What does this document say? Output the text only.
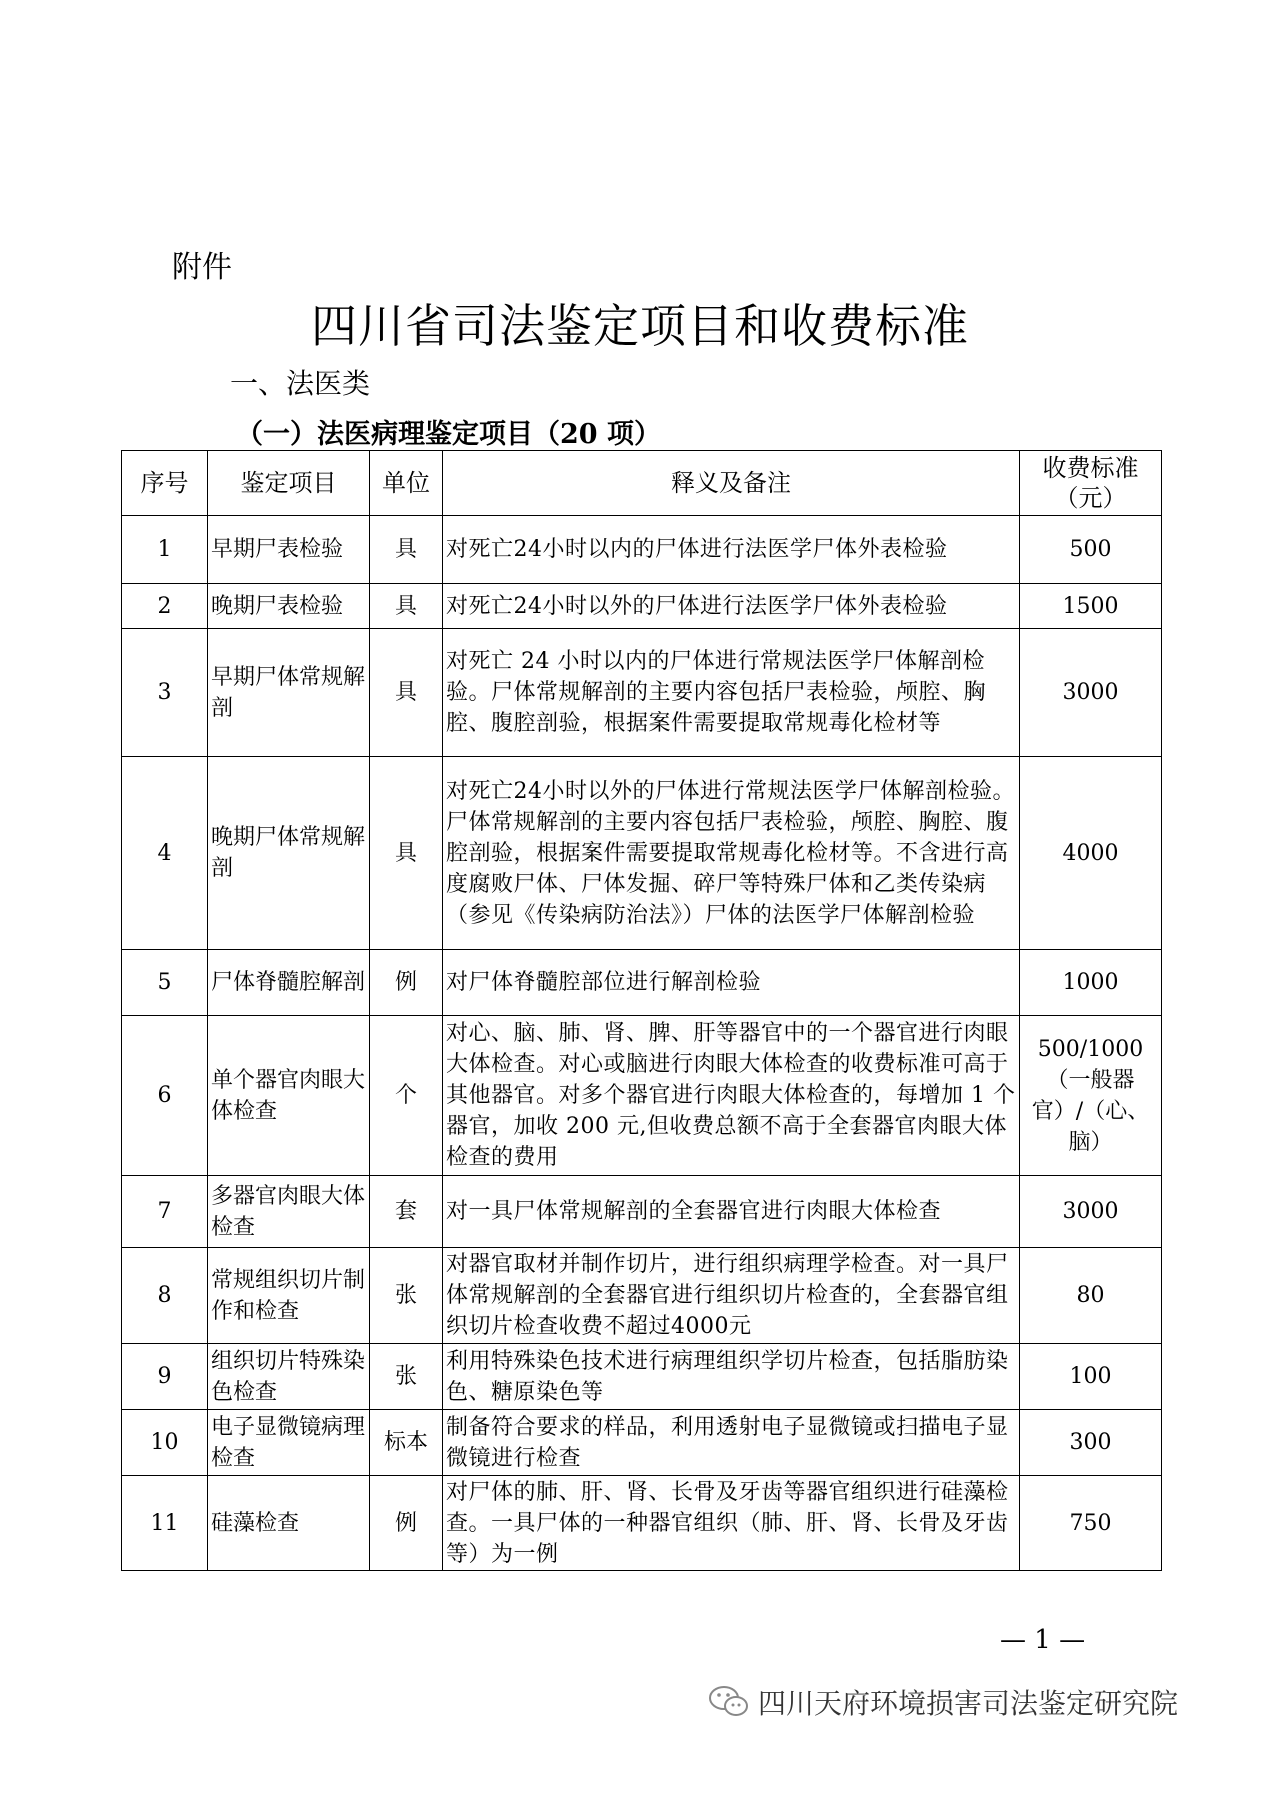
附件
四川省司法鉴定项目和收费标准
一、法医类
（一）法医病理鉴定项目（20 项）
序号	鉴定项目	单位	释义及备注	收费标准（元）
1	早期尸表检验	具	对死亡24小时以内的尸体进行法医学尸体外表检验	500
2	晚期尸表检验	具	对死亡24小时以外的尸体进行法医学尸体外表检验	1500
3	早期尸体常规解剖	具	对死亡 24 小时以内的尸体进行常规法医学尸体解剖检验。尸体常规解剖的主要内容包括尸表检验，颅腔、胸腔、腹腔剖验，根据案件需要提取常规毒化检材等	3000
4	晚期尸体常规解剖	具	对死亡24小时以外的尸体进行常规法医学尸体解剖检验。尸体常规解剖的主要内容包括尸表检验，颅腔、胸腔、腹腔剖验，根据案件需要提取常规毒化检材等。不含进行高度腐败尸体、尸体发掘、碎尸等特殊尸体和乙类传染病（参见《传染病防治法》）尸体的法医学尸体解剖检验	4000
5	尸体脊髓腔解剖	例	对尸体脊髓腔部位进行解剖检验	1000
6	单个器官肉眼大体检查	个	对心、脑、肺、肾、脾、肝等器官中的一个器官进行肉眼大体检查。对心或脑进行肉眼大体检查的收费标准可高于其他器官。对多个器官进行肉眼大体检查的，每增加 1 个器官，加收 200 元,但收费总额不高于全套器官肉眼大体检查的费用	500/1000（一般器官）/（心、脑）
7	多器官肉眼大体检查	套	对一具尸体常规解剖的全套器官进行肉眼大体检查	3000
8	常规组织切片制作和检查	张	对器官取材并制作切片，进行组织病理学检查。对一具尸体常规解剖的全套器官进行组织切片检查的，全套器官组织切片检查收费不超过4000元	80
9	组织切片特殊染色检查	张	利用特殊染色技术进行病理组织学切片检查，包括脂肪染色、糖原染色等	100
10	电子显微镜病理检查	标本	制备符合要求的样品，利用透射电子显微镜或扫描电子显微镜进行检查	300
11	硅藻检查	例	对尸体的肺、肝、肾、长骨及牙齿等器官组织进行硅藻检查。一具尸体的一种器官组织（肺、肝、肾、长骨及牙齿等）为一例	750
— 1 —
四川天府环境损害司法鉴定研究院
